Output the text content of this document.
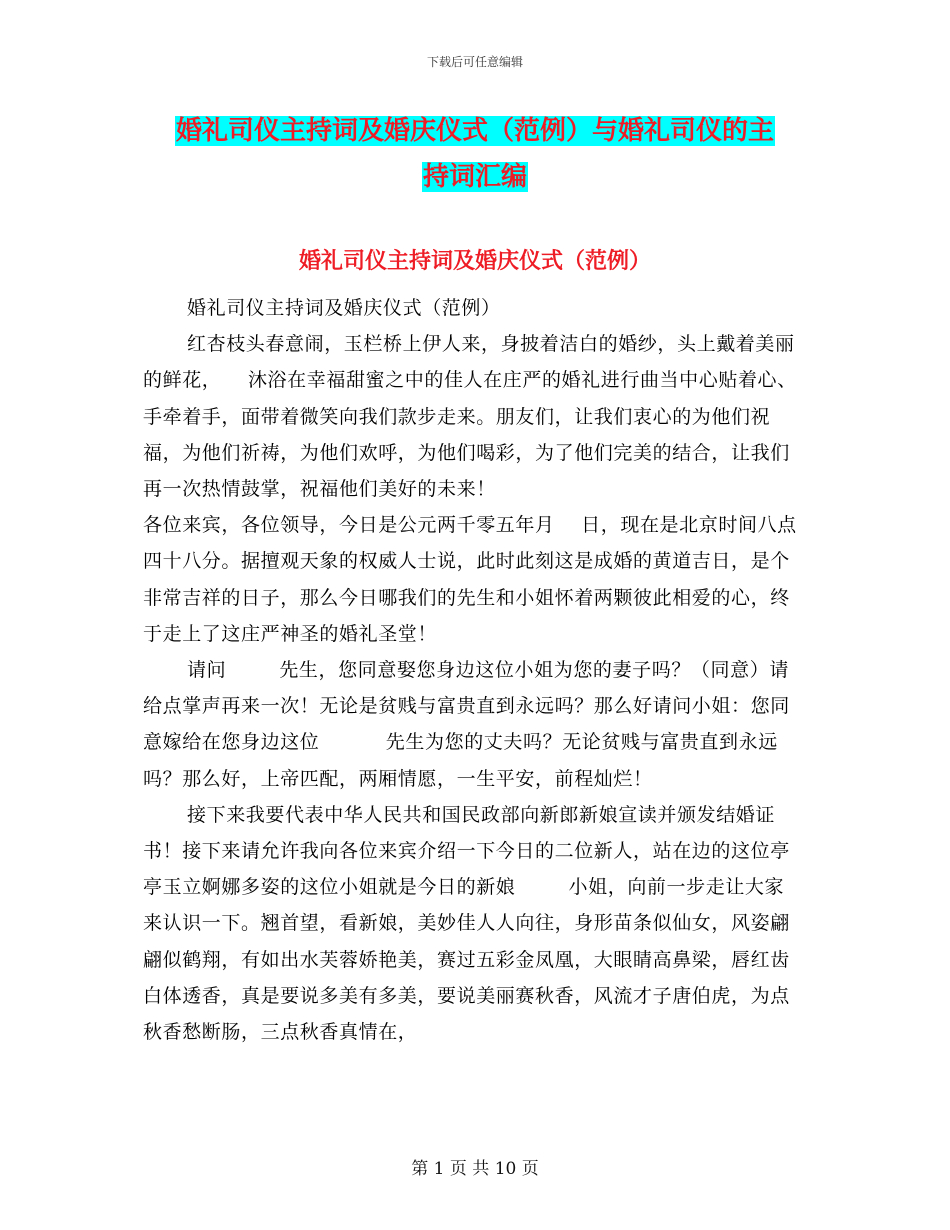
下载后可任意编辑
婚礼司仪主持词及婚庆仪式（范例）与婚礼司仪的主
持词汇编
婚礼司仪主持词及婚庆仪式（范例）

婚礼司仪主持词及婚庆仪式（范例）

红杏枝头春意闹，玉栏桥上伊人来，身披着洁白的婚纱，头上戴着美丽的鲜花，    沐浴在幸福甜蜜之中的佳人在庄严的婚礼进行曲当中心贴着心、手牵着手，面带着微笑向我们款步走来。朋友们，让我们衷心的为他们祝福，为他们祈祷，为他们欢呼，为他们喝彩，为了他们完美的结合，让我们再一次热情鼓掌，祝福他们美好的未来！

各位来宾，各位领导，今日是公元两千零五年月    日，现在是北京时间八点四十八分。据擅观天象的权威人士说，此时此刻这是成婚的黄道吉日，是个非常吉祥的日子，那么今日哪我们的先生和小姐怀着两颗彼此相爱的心，终于走上了这庄严神圣的婚礼圣堂！

请问        先生，您同意娶您身边这位小姐为您的妻子吗？（同意）请给点掌声再来一次！无论是贫贱与富贵直到永远吗？那么好请问小姐：您同意嫁给在您身边这位          先生为您的丈夫吗？无论贫贱与富贵直到永远吗？那么好，上帝匹配，两厢情愿，一生平安，前程灿烂！

接下来我要代表中华人民共和国民政部向新郎新娘宣读并颁发结婚证书！接下来请允许我向各位来宾介绍一下今日的二位新人，站在边的这位亭亭玉立婀娜多姿的这位小姐就是今日的新娘        小姐，向前一步走让大家来认识一下。翘首望，看新娘，美妙佳人人向往，身形苗条似仙女，风姿翩翩似鹤翔，有如出水芙蓉娇艳美，赛过五彩金凤凰，大眼睛高鼻梁，唇红齿白体透香，真是要说多美有多美，要说美丽赛秋香，风流才子唐伯虎，为点秋香愁断肠，三点秋香真情在，

第 1 页 共 10 页
